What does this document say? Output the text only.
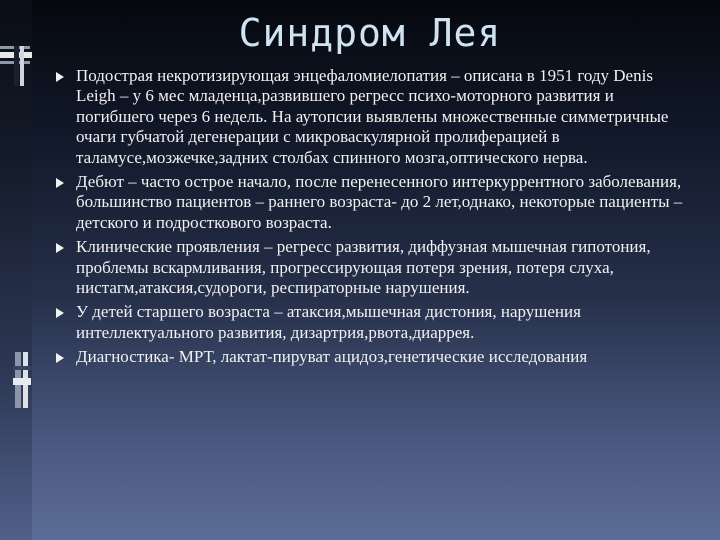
Синдром Лея
Подострая некротизирующая энцефаломиелопатия – описана в 1951 году Denis Leigh – у 6 мес младенца,развившего регресс психо-моторного развития и погибшего через 6 недель. На аутопсии выявлены множественные симметричные очаги губчатой дегенерации с микроваскулярной пролиферацией в таламусе,мозжечке,задних столбах спинного мозга,оптического нерва.
Дебют – часто острое начало, после перенесенного интеркуррентного заболевания, большинство пациентов – раннего возраста- до 2 лет,однако, некоторые пациенты – детского и подросткового возраста.
Клинические проявления – регресс развития, диффузная мышечная гипотония, проблемы вскармливания, прогрессирующая потеря зрения, потеря слуха, нистагм,атаксия,судороги, респираторные нарушения.
У детей старшего возраста – атаксия,мышечная дистония, нарушения интеллектуального развития, дизартрия,рвота,диаррея.
Диагностика- МРТ, лактат-пируват ацидоз,генетические исследования
